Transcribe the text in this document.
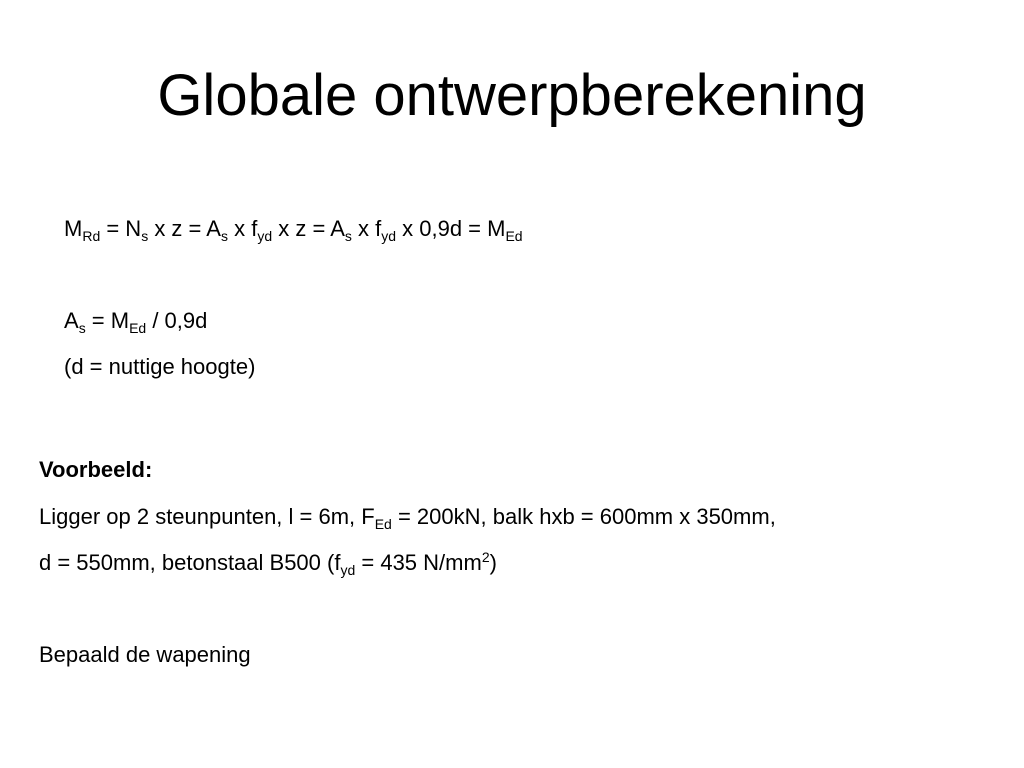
Globale ontwerpberekening
$M_{Rd} = N_s$ x $z = A_s$ x $f_{yd}$ x $z = A_s$ x $f_{yd}$ x $0,9d = M_{Ed}$
$A_s = M_{Ed} / 0,9d$
(d = nuttige hoogte)
Voorbeeld:
Ligger op 2 steunpunten, l = 6m, $F_{Ed} = 200kN$, balk hxb = 600mm x 350mm,
d = 550mm, betonstaal B500 ($f_{yd} = 435$ $N/mm^2$)
Bepaald de wapening
